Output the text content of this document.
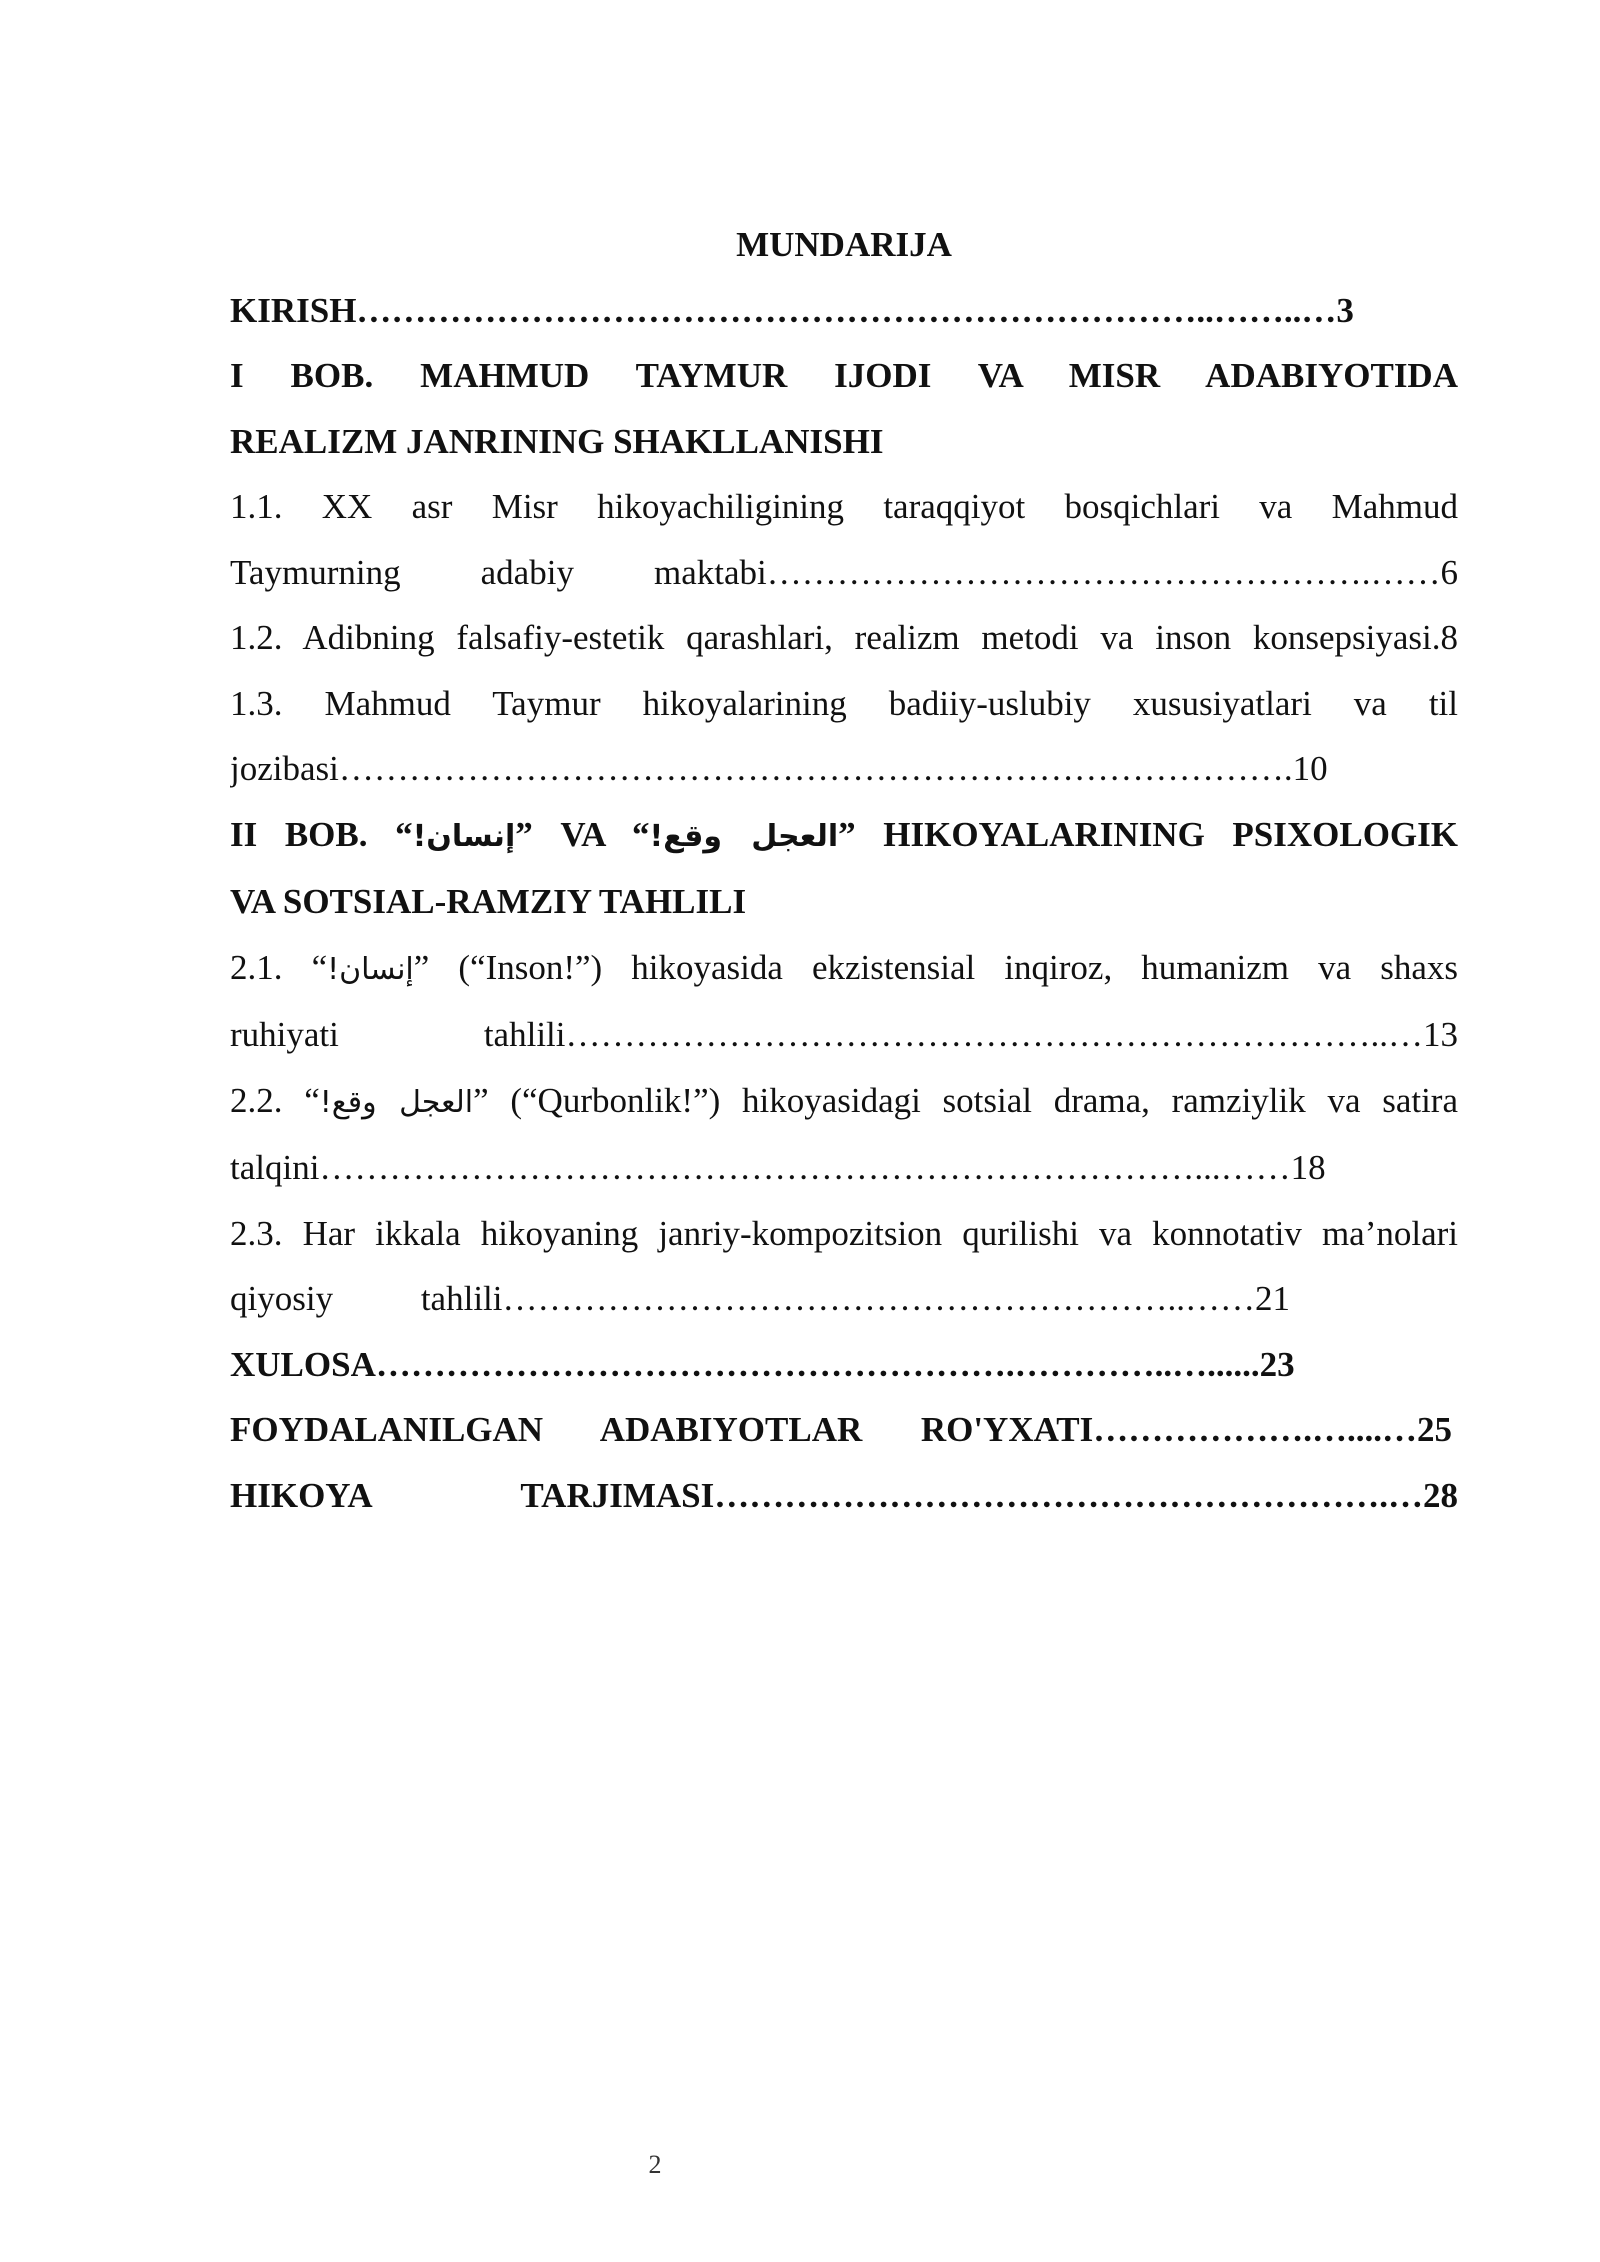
MUNDARIJA
KIRISH………………………………………………………………..……..…3
I BOB. MAHMUD TAYMUR IJODI VA MISR ADABIYOTIDA
REALIZM JANRINING SHAKLLANISHI
1.1. XX asr Misr hikoyachiligining taraqqiyot bosqichlari va Mahmud
Taymurning adabiy maktabi…………………………………………….……6
1.2. Adibning falsafiy-estetik qarashlari, realizm metodi va inson konsepsiyasi.8
1.3. Mahmud Taymur hikoyalarining badiiy-uslubiy xususiyatlari va til
jozibasi……………………………………………………………………….10
II BOB. “إنسان!” VA “العجل وقع!” HIKOYALARINING PSIXOLOGIK
VA SOTSIAL-RAMZIY TAHLILI
2.1. “إنسان!” (“Inson!”) hikoyasida ekzistensial inqiroz, humanizm va shaxs
ruhiyati tahlili……………………………………………………………..…13
2.2. “العجل وقع!” (“Qurbonlik!”) hikoyasidagi sotsial drama, ramziylik va satira
talqini…………………………………………………………………...……18
2.3. Har ikkala hikoyaning janriy-kompozitsion qurilishi va konnotativ ma’nolari
qiyosiy tahlili…………………………………………………..……21
XULOSA……………………………………………….…………..…......23
FOYDALANILGAN ADABIYOTLAR RO'YXATI……………….…....…25
HIKOYA TARJIMASI………………………………………………….…28
2
